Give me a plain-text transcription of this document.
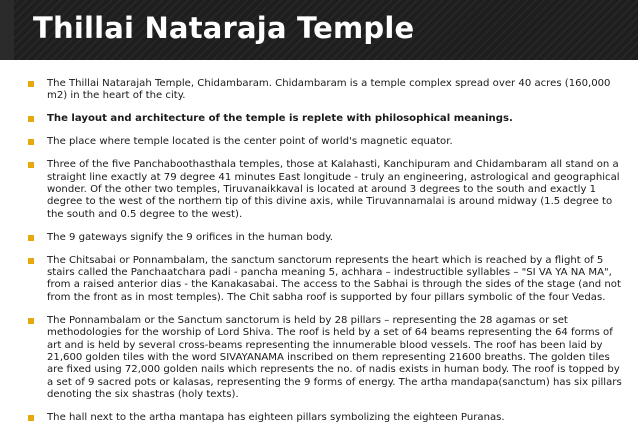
Thillai Nataraja Temple
The Thillai Natarajah Temple, Chidambaram. Chidambaram is a temple complex spread over 40 acres (160,000 m2) in the heart of the city.
The layout and architecture of the temple is replete with philosophical meanings.
The place where temple located is the center point of world's magnetic equator.
Three of the five Panchaboothasthala temples, those at Kalahasti, Kanchipuram and Chidambaram all stand on a straight line exactly at 79 degree 41 minutes East longitude - truly an engineering, astrological and geographical wonder. Of the other two temples, Tiruvanaikkaval is located at around 3 degrees to the south and exactly 1 degree to the west of the northern tip of this divine axis, while Tiruvannamalai is around midway (1.5 degree to the south and 0.5 degree to the west).
The 9 gateways signify the 9 orifices in the human body.
The Chitsabai or Ponnambalam, the sanctum sanctorum represents the heart which is reached by a flight of 5 stairs called the Panchaatchara padi - pancha meaning 5, achhara – indestructible syllables – "SI VA YA NA MA", from a raised anterior dias - the Kanakasabai. The access to the Sabhai is through the sides of the stage (and not from the front as in most temples). The Chit sabha roof is supported by four pillars symbolic of the four Vedas.
The Ponnambalam or the Sanctum sanctorum is held by 28 pillars – representing the 28 agamas or set methodologies for the worship of Lord Shiva. The roof is held by a set of 64 beams representing the 64 forms of art and is held by several cross-beams representing the innumerable blood vessels. The roof has been laid by 21,600 golden tiles with the word SIVAYANAMA inscribed on them representing 21600 breaths. The golden tiles are fixed using 72,000 golden nails which represents the no. of nadis exists in human body. The roof is topped by a set of 9 sacred pots or kalasas, representing the 9 forms of energy. The artha mandapa(sanctum) has six pillars denoting the six shastras (holy texts).
The hall next to the artha mantapa has eighteen pillars symbolizing the eighteen Puranas.
